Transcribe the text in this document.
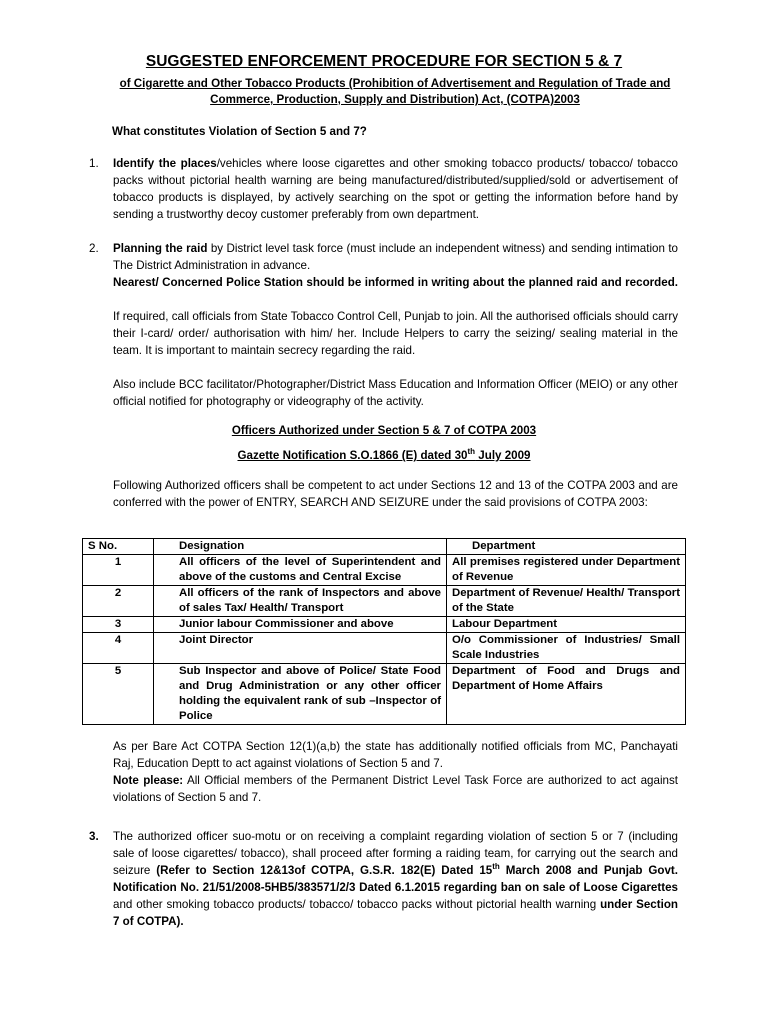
SUGGESTED ENFORCEMENT PROCEDURE FOR SECTION 5 & 7
of Cigarette and Other Tobacco Products (Prohibition of Advertisement and Regulation of Trade and Commerce, Production, Supply and Distribution) Act, (COTPA)2003
What constitutes Violation of Section 5 and 7?
1. Identify the places/vehicles where loose cigarettes and other smoking tobacco products/ tobacco/ tobacco packs without pictorial health warning are being manufactured/distributed/supplied/sold or advertisement of tobacco products is displayed, by actively searching on the spot or getting the information before hand by sending a trustworthy decoy customer preferably from own department.
2. Planning the raid by District level task force (must include an independent witness) and sending intimation to The District Administration in advance.
Nearest/ Concerned Police Station should be informed in writing about the planned raid and recorded.
If required, call officials from State Tobacco Control Cell, Punjab to join. All the authorised officials should carry their I-card/ order/ authorisation with him/ her. Include Helpers to carry the seizing/ sealing material in the team. It is important to maintain secrecy regarding the raid.
Also include BCC facilitator/Photographer/District Mass Education and Information Officer (MEIO) or any other official notified for photography or videography of the activity.
Officers Authorized under Section 5 & 7 of COTPA 2003
Gazette Notification S.O.1866 (E) dated 30th July 2009
Following Authorized officers shall be competent to act under Sections 12 and 13 of the COTPA 2003 and are conferred with the power of ENTRY, SEARCH AND SEIZURE under the said provisions of COTPA 2003:
S No.	Designation	Department
1	All officers of the level of Superintendent and above of the customs and Central Excise	All premises registered under Department of Revenue
2	All officers of the rank of Inspectors and above of sales Tax/ Health/ Transport	Department of Revenue/ Health/ Transport of the State
3	Junior labour Commissioner and above	Labour Department
4	Joint Director	O/o Commissioner of Industries/ Small Scale Industries
5	Sub Inspector and above of Police/ State Food and Drug Administration or any other officer holding the equivalent rank of sub –Inspector of Police	Department of Food and Drugs and Department of Home Affairs
As per Bare Act COTPA Section 12(1)(a,b) the state has additionally notified officials from MC, Panchayati Raj, Education Deptt to act against violations of Section 5 and 7.
Note please: All Official members of the Permanent District Level Task Force are authorized to act against violations of Section 5 and 7.
3. The authorized officer suo-motu or on receiving a complaint regarding violation of section 5 or 7 (including sale of loose cigarettes/ tobacco), shall proceed after forming a raiding team, for carrying out the search and seizure (Refer to Section 12&13of COTPA, G.S.R. 182(E) Dated 15th March 2008 and Punjab Govt. Notification No. 21/51/2008-5HB5/383571/2/3 Dated 6.1.2015 regarding ban on sale of Loose Cigarettes and other smoking tobacco products/ tobacco/ tobacco packs without pictorial health warning under Section 7 of COTPA).
